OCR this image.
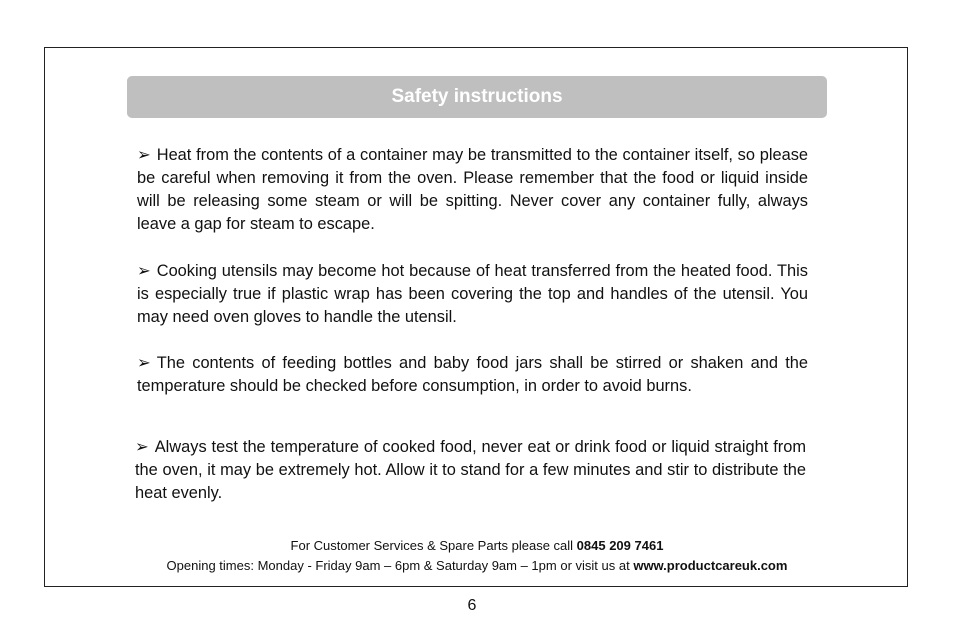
Safety instructions

➢ Heat from the contents of a container may be transmitted to the container itself, so please be careful when removing it from the oven. Please remember that the food or liquid inside will be releasing some steam or will be spitting. Never cover any container fully, always leave a gap for steam to escape.

➢ Cooking utensils may become hot because of heat transferred from the heated food. This is especially true if plastic wrap has been covering the top and handles of the utensil. You may need oven gloves to handle the utensil.

➢ The contents of feeding bottles and baby food jars shall be stirred or shaken and the temperature should be checked before consumption, in order to avoid burns.

➢ Always test the temperature of cooked food, never eat or drink food or liquid straight from the oven, it may be extremely hot. Allow it to stand for a few minutes and stir to distribute the heat evenly.

For Customer Services & Spare Parts please call 0845 209 7461
Opening times: Monday - Friday 9am – 6pm & Saturday 9am – 1pm or visit us at www.productcareuk.com
6
